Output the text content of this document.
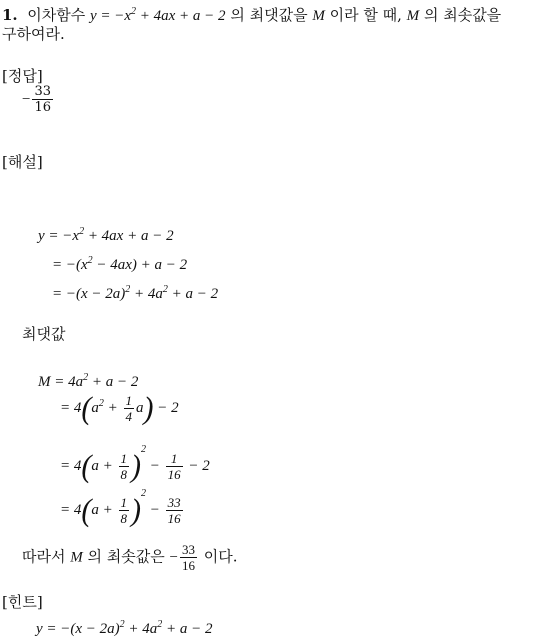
1. 이차함수 $y = -x^2 + 4ax + a - 2$ 의 최댓값을 M 이라 할 때, M 의 최솟값을
구하여라.
[정답]
− $\frac{33}{16}$
[해설]
$y = -x^2 + 4ax + a - 2$
= $-(x^2 - 4ax) + a - 2$
= $-(x - 2a)^2 + 4a^2 + a - 2$
최댓값
$M = 4a^2 + a - 2$
= $4(a^2 + \frac{1}{4} a) - 2$
= $4(a + \frac{1}{8} )^2 - \frac{1}{16} - 2$
= $4(a + \frac{1}{8} )^2 - \frac{33}{16}$
따라서 M 의 최솟값은 − $\frac{33}{16}$ 이다.
[힌트]
$y = -(x - 2a)^2 + 4a^2 + a - 2$
